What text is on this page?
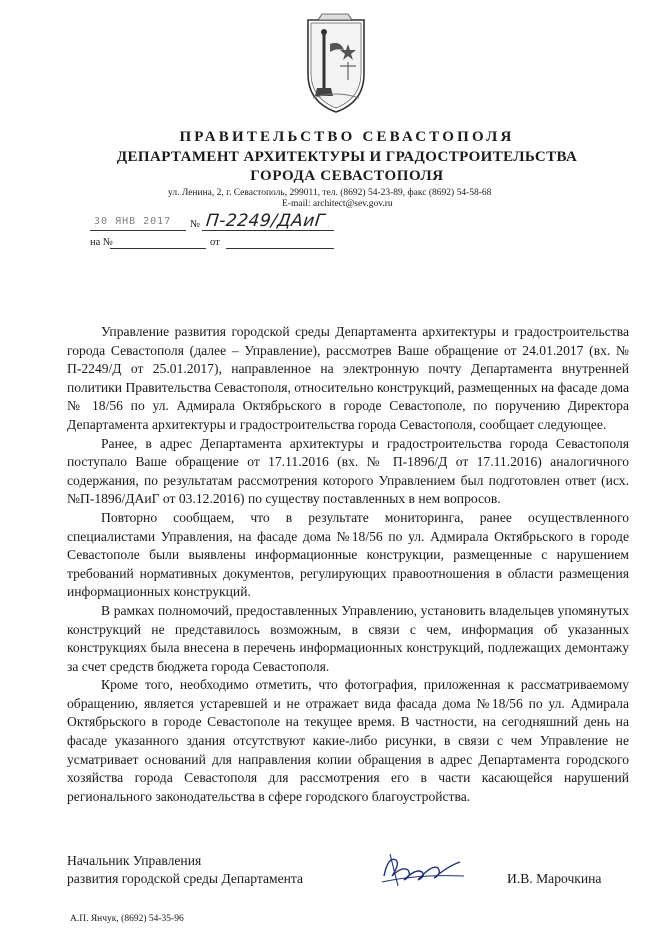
ПРАВИТЕЛЬСТВО СЕВАСТОПОЛЯ
ДЕПАРТАМЕНТ АРХИТЕКТУРЫ И ГРАДОСТРОИТЕЛЬСТВА
ГОРОДА СЕВАСТОПОЛЯ
ул. Ленина, 2, г. Севастополь, 299011, тел. (8692) 54-23-89, факс (8692) 54-58-68
E-mail: architect@sev.gov.ru
30 ЯНВ 2017 № П-2249/ДАиГ
на №	от

Управление развития городской среды Департамента архитектуры и градостроительства города Севастополя (далее – Управление), рассмотрев Ваше обращение от 24.01.2017 (вх. № П-2249/Д от 25.01.2017), направленное на электронную почту Департамента внутренней политики Правительства Севастополя, относительно конструкций, размещенных на фасаде дома № 18/56 по ул. Адмирала Октябрьского в городе Севастополе, по поручению Директора Департамента архитектуры и градостроительства города Севастополя, сообщает следующее.

Ранее, в адрес Департамента архитектуры и градостроительства города Севастополя поступало Ваше обращение от 17.11.2016 (вх. № П-1896/Д от 17.11.2016) аналогичного содержания, по результатам рассмотрения которого Управлением был подготовлен ответ (исх. №П-1896/ДАиГ от 03.12.2016) по существу поставленных в нем вопросов.

Повторно сообщаем, что в результате мониторинга, ранее осуществленного специалистами Управления, на фасаде дома №18/56 по ул. Адмирала Октябрьского в городе Севастополе были выявлены информационные конструкции, размещенные с нарушением требований нормативных документов, регулирующих правоотношения в области размещения информационных конструкций.

В рамках полномочий, предоставленных Управлению, установить владельцев упомянутых конструкций не представилось возможным, в связи с чем, информация об указанных конструкциях была внесена в перечень информационных конструкций, подлежащих демонтажу за счет средств бюджета города Севастополя.

Кроме того, необходимо отметить, что фотография, приложенная к рассматриваемому обращению, является устаревшей и не отражает вида фасада дома №18/56 по ул. Адмирала Октябрьского в городе Севастополе на текущее время. В частности, на сегодняшний день на фасаде указанного здания отсутствуют какие-либо рисунки, в связи с чем Управление не усматривает оснований для направления копии обращения в адрес Департамента городского хозяйства города Севастополя для рассмотрения его в части касающейся нарушений регионального законодательства в сфере городского благоустройства.

Начальник Управления
развития городской среды Департамента	И.В. Марочкина
А.П. Янчук, (8692) 54-35-96
